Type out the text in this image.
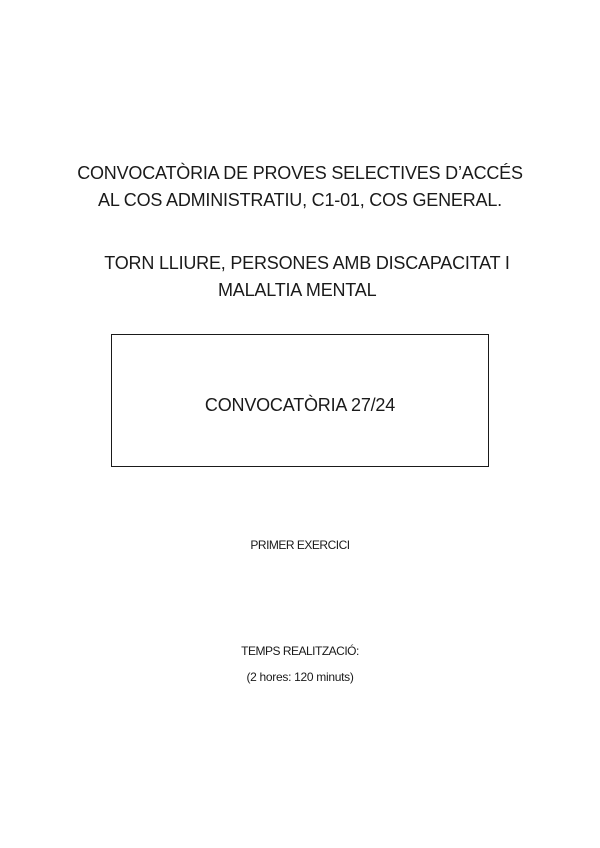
CONVOCATÒRIA DE PROVES SELECTIVES D’ACCÉS
AL COS ADMINISTRATIU, C1-01, COS GENERAL.
TORN LLIURE, PERSONES AMB DISCAPACITAT I
MALALTIA MENTAL
CONVOCATÒRIA 27/24
PRIMER EXERCICI
TEMPS REALITZACIÓ:
(2 hores: 120 minuts)
